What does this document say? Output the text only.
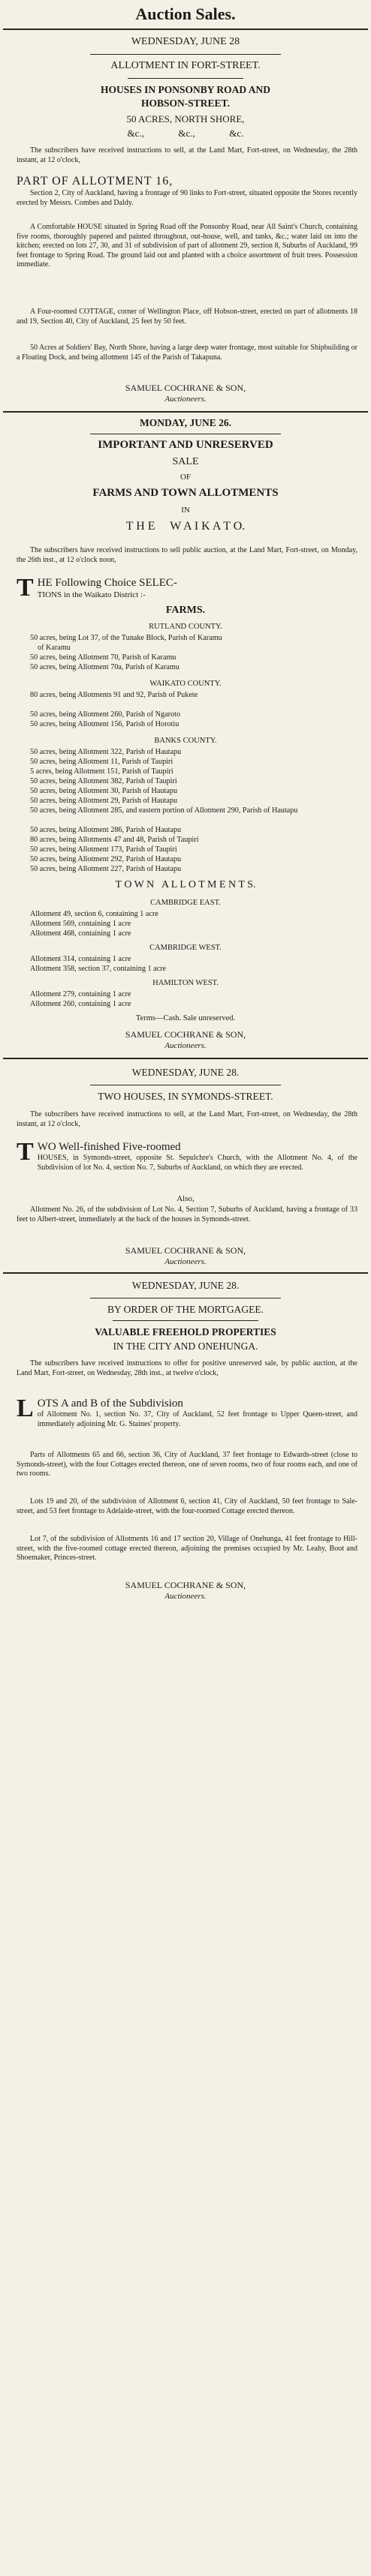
Auction Sales.
WEDNESDAY, JUNE 28
ALLOTMENT IN FORT-STREET.
HOUSES IN PONSONBY ROAD AND
HOBSON-STREET.
50 ACRES, NORTH SHORE,
&c.,              &c.,              &c.
The subscribers have received instructions to sell, at the Land Mart, Fort-street, on Wednesday, the 28th instant, at 12 o'clock,
PART OF ALLOTMENT 16,
Section 2, City of Auckland, having a frontage of 90 links to Fort-street, situated opposite the Stores recently erected by Messrs. Combes and Daldy.
A Comfortable HOUSE situated in Spring Road off the Ponsonby Road, near All Saint's Church, containing five rooms, thoroughly papered and painted throughout, out-house, well, and tanks, &c.; water laid on into the kitchen; erected on lots 27, 30, and 31 of subdivision of part of allotment 29, section 8, Suburbs of Auckland, 99 feet frontage to Spring Road. The ground laid out and planted with a choice assortment of fruit trees. Possession immediate.
A Four-roomed COTTAGE, corner of Wellington Place, off Hobson-street, erected on part of allotments 18 and 19, Section 40, City of Auckland, 25 feet by 50 feet.
50 Acres at Soldiers' Bay, North Shore, having a large deep water frontage, most suitable for Shipbuilding or a Floating Dock, and being allotment 145 of the Parish of Takapuna.
SAMUEL COCHRANE & SON,
Auctioneers.
MONDAY, JUNE 26.
IMPORTANT AND UNRESERVED
SALE
OF
FARMS AND TOWN ALLOTMENTS
IN
T H E     W A I K A T O.
The subscribers have received instructions to sell public auction, at the Land Mart, Fort-street, on Monday, the 26th inst., at 12 o'clock noon,
T HE Following Choice SELEC-
TIONS in the Waikato District :-
FARMS.
RUTLAND COUNTY.
50 acres, being Lot 37, of the Tunake Block, Parish of Karamu
of Karamu
50 acres, being Allotment 70, Parish of Karamu
50 acres, being Allotment 70a, Parish of Karamu
WAIKATO COUNTY.
80 acres, being Allotments 91 and 92, Parish of Pukete
50 acres, being Allotment 260, Parish of Ngaroto
50 acres, being Allotment 156, Parish of Horotiu
BANKS COUNTY.
50 acres, being Allotment 322, Parish of Hautapu
50 acres, being Allotment 11, Parish of Taupiri
5 acres, being Allotment 151, Parish of Taupiri
50 acres, being Allotment 382, Parish of Taupiri
50 acres, being Allotment 30, Parish of Hautapu
50 acres, being Allotment 29, Parish of Hautapu
50 acres, being Allotment 285, and eastern portion of Allotment 290, Parish of Hautapu
50 acres, being Allotment 286, Parish of Hautapu
80 acres, being Allotments 47 and 48, Parish of Taupiri
50 acres, being Allotment 173, Parish of Taupiri
50 acres, being Allotment 292, Parish of Hautapu
50 acres, being Allotment 227, Parish of Hautapu
T O W N   A L L O T M E N T S.
CAMBRIDGE EAST.
Allotment 49, section 6, containing 1 acre
Allotment 569, containing 1 acre
Allotment 468, containing 1 acre
CAMBRIDGE WEST.
Allotment 314, containing 1 acre
Allotment 358, section 37, containing 1 acre
HAMILTON WEST.
Allotment 279, containing 1 acre
Allotment 260, containing 1 acre
Terms—Cash. Sale unreserved.
SAMUEL COCHRANE & SON,
Auctioneers.
WEDNESDAY, JUNE 28.
TWO HOUSES, IN SYMONDS-STREET.
The subscribers have received instructions to sell, at the Land Mart, Fort-street, on Wednesday, the 28th instant, at 12 o'clock,
T WO Well-finished Five-roomed
HOUSES, in Symonds-street, opposite St. Sepulchre's Church, with the Allotment No. 4, of the Subdivision of lot No. 4, section No. 7, Suburbs of Auckland, on which they are erected.
Also,
Allotment No. 26, of the subdivision of Lot No. 4, Section 7, Suburbs of Auckland, having a frontage of 33 feet to Albert-street, immediately at the back of the houses in Symonds-street.
SAMUEL COCHRANE & SON,
Auctioneers.
WEDNESDAY, JUNE 28.
BY ORDER OF THE MORTGAGEE.
VALUABLE FREEHOLD PROPERTIES
IN THE CITY AND ONEHUNGA.
The subscribers have received instructions to offer for positive unreserved sale, by public auction, at the Land Mart, Fort-street, on Wednesday, 28th inst., at twelve o'clock,
L OTS A and B of the Subdivision
of Allotment No. 1, section No. 37, City of Auckland, 52 feet frontage to Upper Queen-street, and immediately adjoining Mr. G. Staines' property.
Parts of Allotments 65 and 66, section 36, City of Auckland, 37 feet frontage to Edwards-street (close to Symonds-street), with the four Cottages erected thereon, one of seven rooms, two of four rooms each, and one of two rooms.
Lots 19 and 20, of the subdivision of Allotment 6, section 41, City of Auckland, 50 feet frontage to Sale-street, and 53 feet frontage to Adelaide-street, with the four-roomed Cottage erected thereon.
Lot 7, of the subdivision of Allotments 16 and 17 section 20, Village of Onehunga, 41 feet frontage to Hill-street, with the five-roomed cottage erected thereon, adjoining the premises occupied by Mr. Leahy, Boot and Shoemaker, Princes-street.
SAMUEL COCHRANE & SON,
Auctioneers.
